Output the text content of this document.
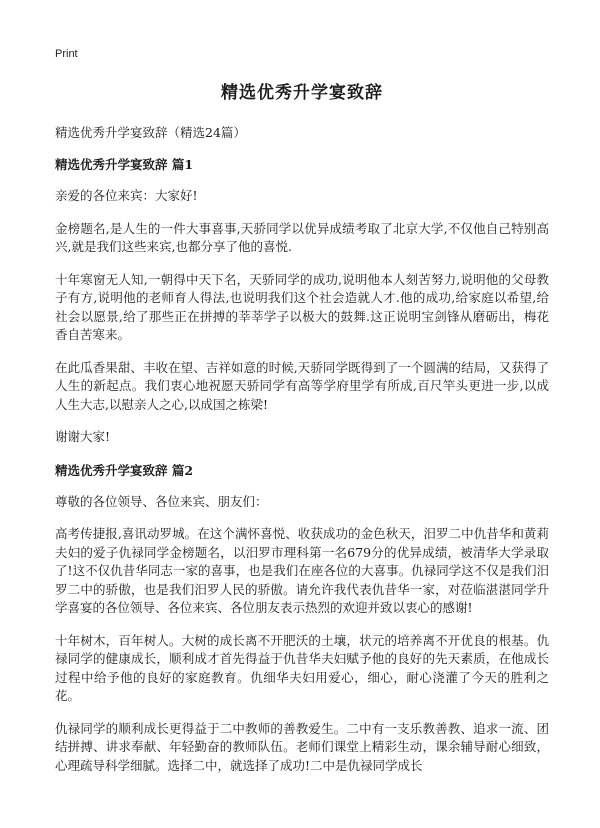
Print
精选优秀升学宴致辞
精选优秀升学宴致辞（精选24篇）
精选优秀升学宴致辞 篇1

亲爱的各位来宾：大家好!

金榜题名,是人生的一件大事喜事,天骄同学以优异成绩考取了北京大学,不仅他自己特别高兴,就是我们这些来宾,也都分享了他的喜悦.

十年寒窗无人知,一朝得中天下名，天骄同学的成功,说明他本人刻苦努力,说明他的父母教子有方,说明他的老师育人得法,也说明我们这个社会造就人才.他的成功,给家庭以希望,给社会以愿景,给了那些正在拼搏的莘莘学子以极大的鼓舞.这正说明宝剑锋从磨砺出，梅花香自苦寒来。

在此瓜香果甜、丰收在望、吉祥如意的时候,天骄同学既得到了一个圆满的结局，又获得了人生的新起点。我们衷心地祝愿天骄同学有高等学府里学有所成,百尺竿头更进一步,以成人生大志,以慰亲人之心,以成国之栋梁!

谢谢大家!

精选优秀升学宴致辞 篇2

尊敬的各位领导、各位来宾、朋友们：

高考传捷报,喜讯动罗城。在这个满怀喜悦、收获成功的金色秋天，汨罗二中仇昔华和黄莉夫妇的爱子仇禄同学金榜题名，以汨罗市理科第一名679分的优异成绩，被清华大学录取了!这不仅仇昔华同志一家的喜事，也是我们在座各位的大喜事。仇禄同学这不仅是我们汨罗二中的骄傲，也是我们汨罗人民的骄傲。请允许我代表仇昔华一家，对莅临湛湛同学升学喜宴的各位领导、各位来宾、各位朋友表示热烈的欢迎并致以衷心的感谢!

十年树木，百年树人。大树的成长离不开肥沃的土壤，状元的培养离不开优良的根基。仇禄同学的健康成长，顺利成才首先得益于仇昔华夫妇赋予他的良好的先天素质，在他成长过程中给予他的良好的家庭教育。仇细华夫妇用爱心，细心，耐心浇灌了今天的胜利之花。

仇禄同学的顺利成长更得益于二中教师的善教爱生。二中有一支乐教善教、追求一流、团结拼搏、讲求奉献、年轻勤奋的教师队伍。老师们课堂上精彩生动，课余辅导耐心细致，心理疏导科学细腻。选择二中，就选择了成功!二中是仇禄同学成长
